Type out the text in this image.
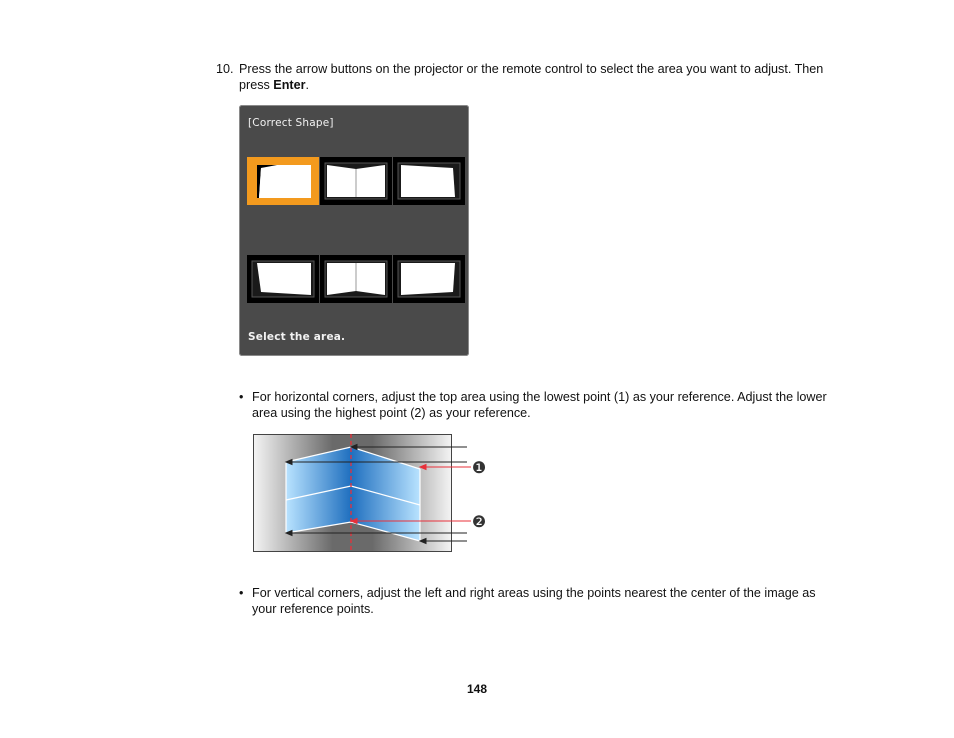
10. Press the arrow buttons on the projector or the remote control to select the area you want to adjust. Then press Enter.
[Correct Shape]
Select the area.
• For horizontal corners, adjust the top area using the lowest point (1) as your reference. Adjust the lower area using the highest point (2) as your reference.
❶
❷
• For vertical corners, adjust the left and right areas using the points nearest the center of the image as your reference points.
148
